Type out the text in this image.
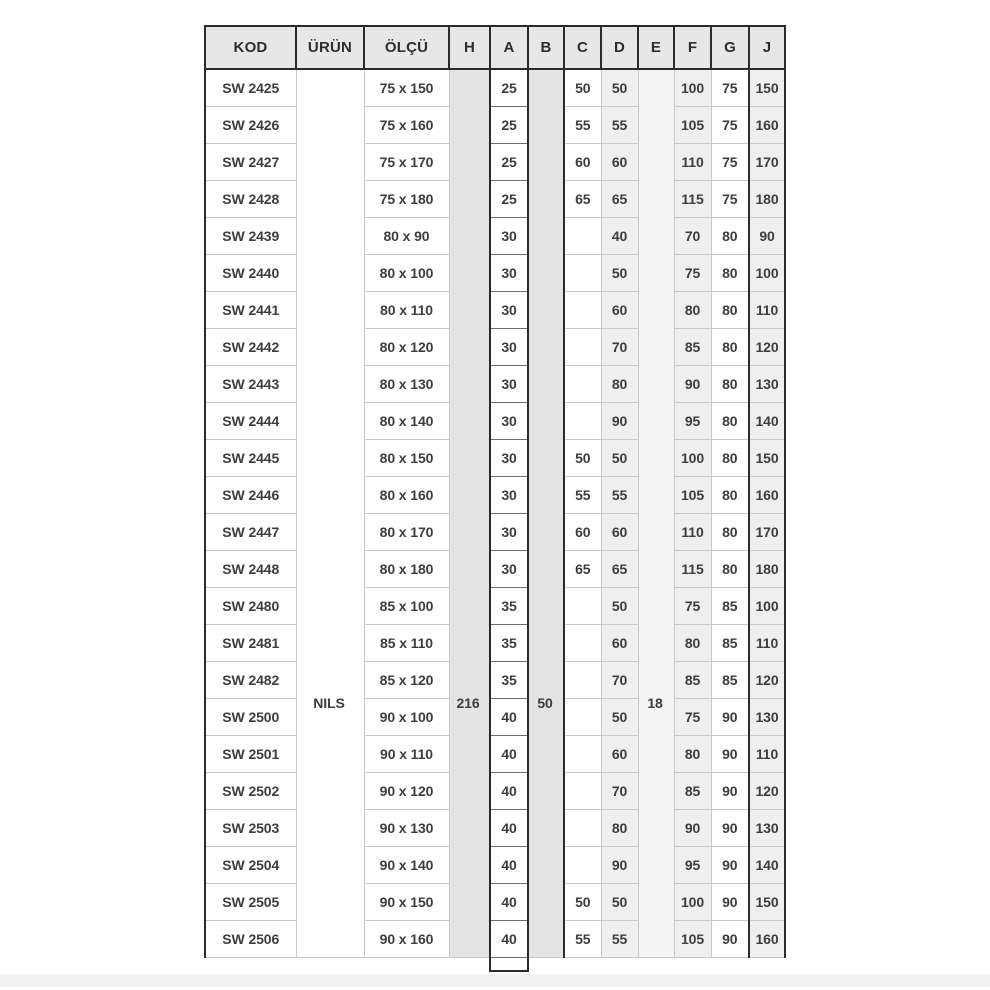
KOD	ÜRÜN	ÖLÇÜ	H	A	B	C	D	E	F	G	J
SW 2425		75 x 150		25		50	50		100	75	150
SW 2426		75 x 160		25		55	55		105	75	160
SW 2427		75 x 170		25		60	60		110	75	170
SW 2428		75 x 180		25		65	65		115	75	180
SW 2439		80 x 90		30			40		70	80	90
SW 2440		80 x 100		30			50		75	80	100
SW 2441		80 x 110		30			60		80	80	110
SW 2442		80 x 120		30			70		85	80	120
SW 2443		80 x 130		30			80		90	80	130
SW 2444		80 x 140		30			90		95	80	140
SW 2445		80 x 150		30		50	50		100	80	150
SW 2446		80 x 160		30		55	55		105	80	160
SW 2447		80 x 170		30		60	60		110	80	170
SW 2448		80 x 180		30		65	65		115	80	180
SW 2480		85 x 100		35			50		75	85	100
SW 2481		85 x 110		35			60		80	85	110
SW 2482		85 x 120		35			70		85	85	120
SW 2500		90 x 100		40			50		75	90	130
SW 2501		90 x 110		40			60		80	90	110
SW 2502		90 x 120		40			70		85	90	120
SW 2503		90 x 130		40			80		90	90	130
SW 2504		90 x 140		40			90		95	90	140
SW 2505		90 x 150		40		50	50		100	90	150
SW 2506		90 x 160		40		55	55		105	90	160
NILS	216	50	18
